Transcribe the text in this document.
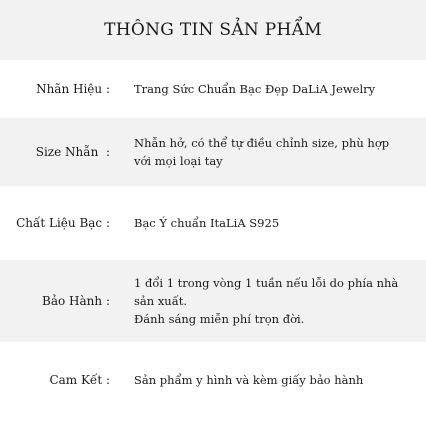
THÔNG TIN SẢN PHẨM
Nhãn Hiệu : Trang Sức Chuẩn Bạc Đẹp DaLiA Jewelry
Size Nhẫn  :
Nhẫn hở, có thể tự điều chỉnh size, phù hợp
với mọi loại tay
Chất Liệu Bạc : Bạc Ý chuẩn ItaLiA S925
Bảo Hành :
1 đổi 1 trong vòng 1 tuần nếu lỗi do phía nhà
sản xuất.
Đánh sáng miễn phí trọn đời.
Cam Kết : Sản phẩm y hình và kèm giấy bảo hành
